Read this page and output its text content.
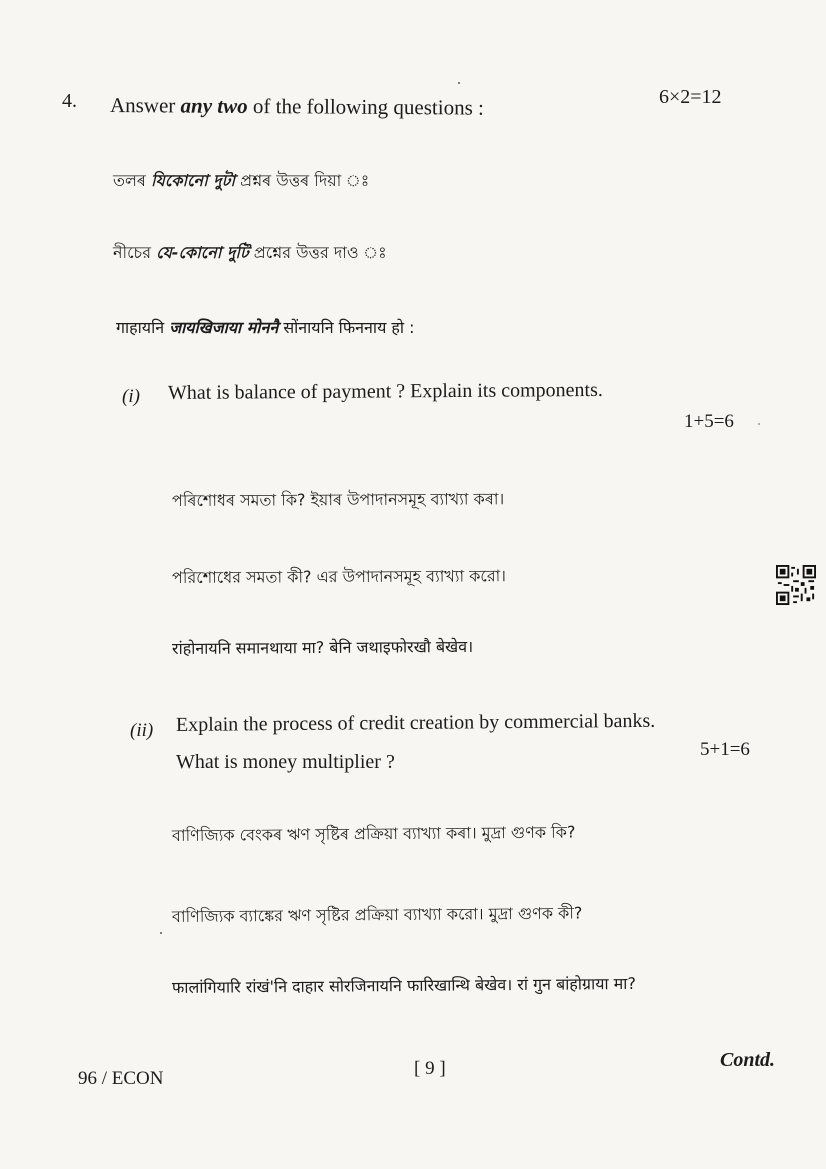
4. Answer any two of the following questions :	6×2=12
তলৰ যিকোনো দুটা প্ৰশ্নৰ উত্তৰ দিয়া ঃ
নীচের যে-কোনো দুটি প্রশ্নের উত্তর দাও ঃ
गाहायनि जायखिजाया मोननै सोंनायनि फिननाय हो :
(i) What is balance of payment ? Explain its components.
1+5=6
পৰিশোধৰ সমতা কি? ইয়াৰ উপাদানসমূহ ব্যাখ্যা কৰা।
পরিশোধের সমতা কী? এর উপাদানসমূহ ব্যাখ্যা করো।
रांहोनायनि समानथाया मा? बेनि जथाइफोरखौ बेखेव।
(ii) Explain the process of credit creation by commercial banks.
5+1=6
What is money multiplier ?
বাণিজ্যিক বেংকৰ ঋণ সৃষ্টিৰ প্ৰক্ৰিয়া ব্যাখ্যা কৰা। মুদ্ৰা গুণক কি?
বাণিজ্যিক ব্যাঙ্কের ঋণ সৃষ্টির প্রক্রিয়া ব্যাখ্যা করো। মুদ্রা গুণক কী?
फालांगियारि रांखं'नि दाहार सोरजिनायनि फारिखान्थि बेखेव। रां गुन बांहोग्राया मा?
96 / ECON	[ 9 ]	Contd.
